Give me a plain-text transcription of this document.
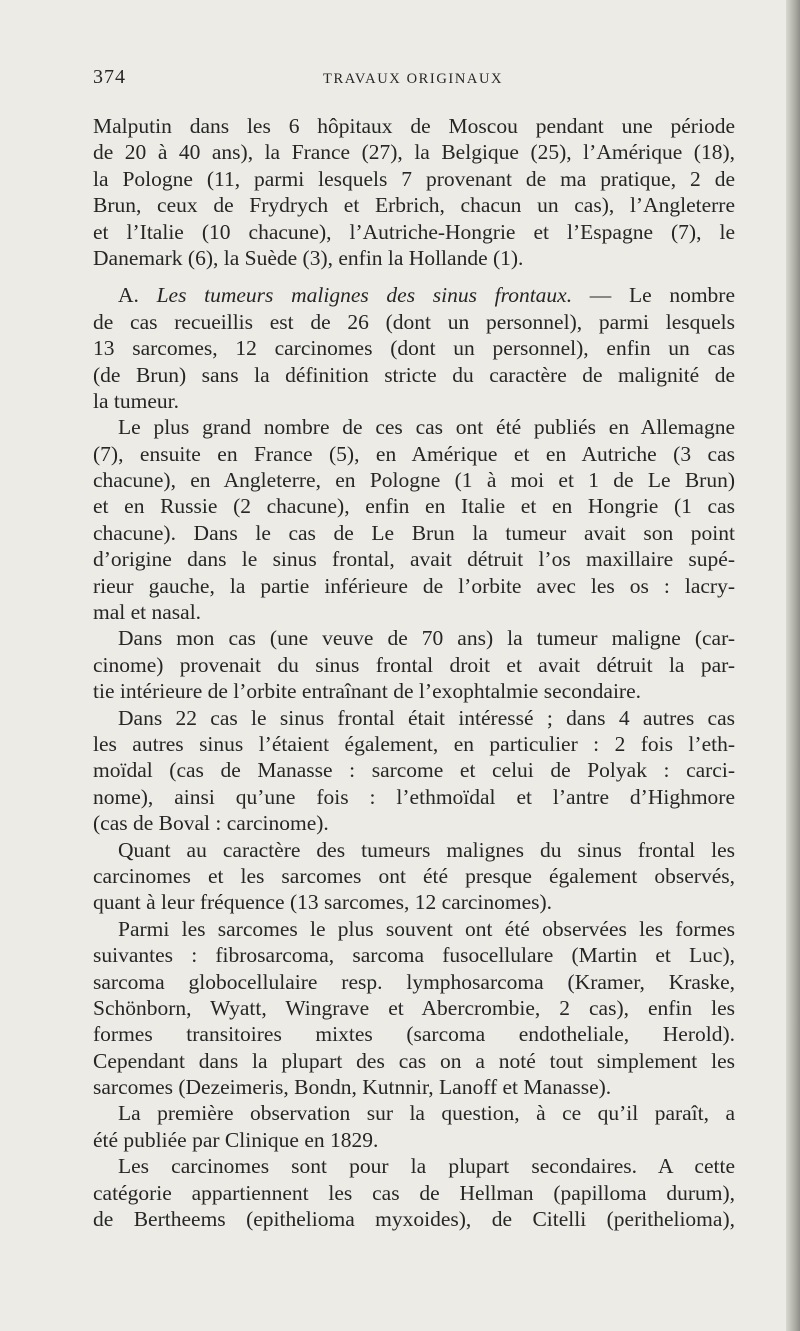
374	TRAVAUX ORIGINAUX
Malputin dans les 6 hôpitaux de Moscou pendant une période
de 20 à 40 ans), la France (27), la Belgique (25), l’Amérique (18),
la Pologne (11, parmi lesquels 7 provenant de ma pratique, 2 de
Brun, ceux de Frydrych et Erbrich, chacun un cas), l’Angleterre
et l’Italie (10 chacune), l’Autriche-Hongrie et l’Espagne (7), le
Danemark (6), la Suède (3), enfin la Hollande (1).
A. Les tumeurs malignes des sinus frontaux. — Le nombre
de cas recueillis est de 26 (dont un personnel), parmi lesquels
13 sarcomes, 12 carcinomes (dont un personnel), enfin un cas
(de Brun) sans la définition stricte du caractère de malignité de
la tumeur.
Le plus grand nombre de ces cas ont été publiés en Allemagne
(7), ensuite en France (5), en Amérique et en Autriche (3 cas
chacune), en Angleterre, en Pologne (1 à moi et 1 de Le Brun)
et en Russie (2 chacune), enfin en Italie et en Hongrie (1 cas
chacune). Dans le cas de Le Brun la tumeur avait son point
d’origine dans le sinus frontal, avait détruit l’os maxillaire supé-
rieur gauche, la partie inférieure de l’orbite avec les os : lacry-
mal et nasal.
Dans mon cas (une veuve de 70 ans) la tumeur maligne (car-
cinome) provenait du sinus frontal droit et avait détruit la par-
tie intérieure de l’orbite entraînant de l’exophtalmie secondaire.
Dans 22 cas le sinus frontal était intéressé ; dans 4 autres cas
les autres sinus l’étaient également, en particulier : 2 fois l’eth-
moïdal (cas de Manasse : sarcome et celui de Polyak : carci-
nome), ainsi qu’une fois : l’ethmoïdal et l’antre d’Highmore
(cas de Boval : carcinome).
Quant au caractère des tumeurs malignes du sinus frontal les
carcinomes et les sarcomes ont été presque également observés,
quant à leur fréquence (13 sarcomes, 12 carcinomes).
Parmi les sarcomes le plus souvent ont été observées les formes
suivantes : fibrosarcoma, sarcoma fusocellulare (Martin et Luc),
sarcoma globocellulaire resp. lymphosarcoma (Kramer, Kraske,
Schönborn, Wyatt, Wingrave et Abercrombie, 2 cas), enfin les
formes transitoires mixtes (sarcoma endotheliale, Herold).
Cependant dans la plupart des cas on a noté tout simplement les
sarcomes (Dezeimeris, Bondn, Kutnnir, Lanoff et Manasse).
La première observation sur la question, à ce qu’il paraît, a
été publiée par Clinique en 1829.
Les carcinomes sont pour la plupart secondaires. A cette
catégorie appartiennent les cas de Hellman (papilloma durum),
de Bertheems (epithelioma myxoides), de Citelli (perithelioma),
